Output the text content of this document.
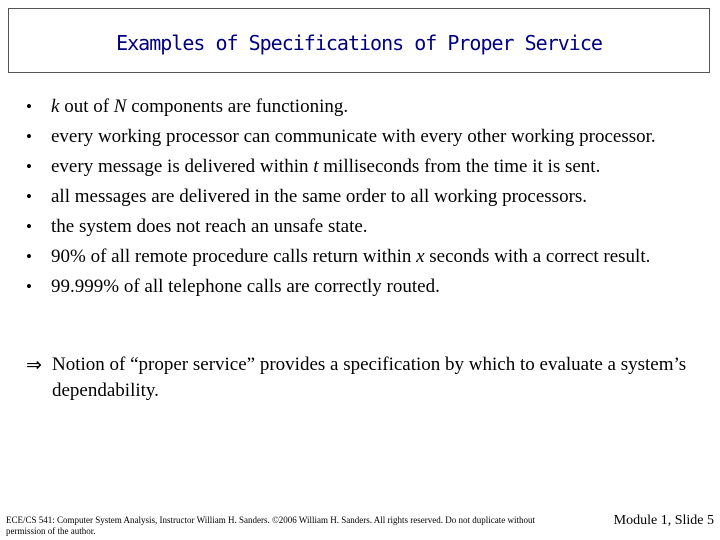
Examples of Specifications of Proper Service
•	k out of N components are functioning.
•	every working processor can communicate with every other working processor.
•	every message is delivered within t milliseconds from the time it is sent.
•	all messages are delivered in the same order to all working processors.
•	the system does not reach an unsafe state.
•	90% of all remote procedure calls return within x seconds with a correct result.
•	99.999% of all telephone calls are correctly routed.
⇒ Notion of “proper service” provides a specification by which to evaluate a system’s dependability.
ECE/CS 541: Computer System Analysis, Instructor William H. Sanders. ©2006 William H. Sanders. All rights reserved. Do not duplicate without permission of the author.
Module 1, Slide 5
